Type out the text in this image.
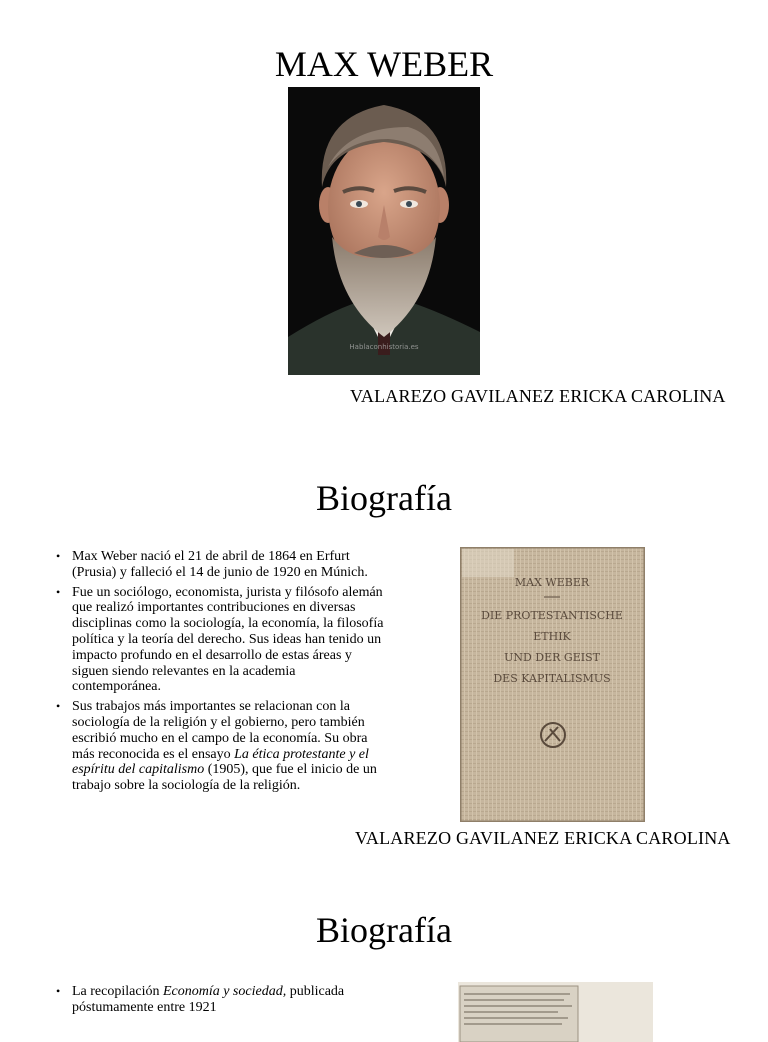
MAX WEBER
Hablaconhistoria.es
VALAREZO GAVILANEZ ERICKA CAROLINA
Biografía
• Max Weber nació el 21 de abril de 1864 en Erfurt (Prusia) y falleció el 14 de junio de 1920 en Múnich.
• Fue un sociólogo, economista, jurista y filósofo alemán que realizó importantes contribuciones en diversas disciplinas como la sociología, la economía, la filosofía política y la teoría del derecho. Sus ideas han tenido un impacto profundo en el desarrollo de estas áreas y siguen siendo relevantes en la academia contemporánea.
• Sus trabajos más importantes se relacionan con la sociología de la religión y el gobierno, pero también escribió mucho en el campo de la economía. Su obra más reconocida es el ensayo La ética protestante y el espíritu del capitalismo (1905), que fue el inicio de un trabajo sobre la sociología de la religión.
MAX WEBER
DIE PROTESTANTISCHE
ETHIK
UND DER GEIST
DES KAPITALISMUS
VALAREZO GAVILANEZ ERICKA CAROLINA
Biografía
• La recopilación Economía y sociedad, publicada póstumamente entre 1921
